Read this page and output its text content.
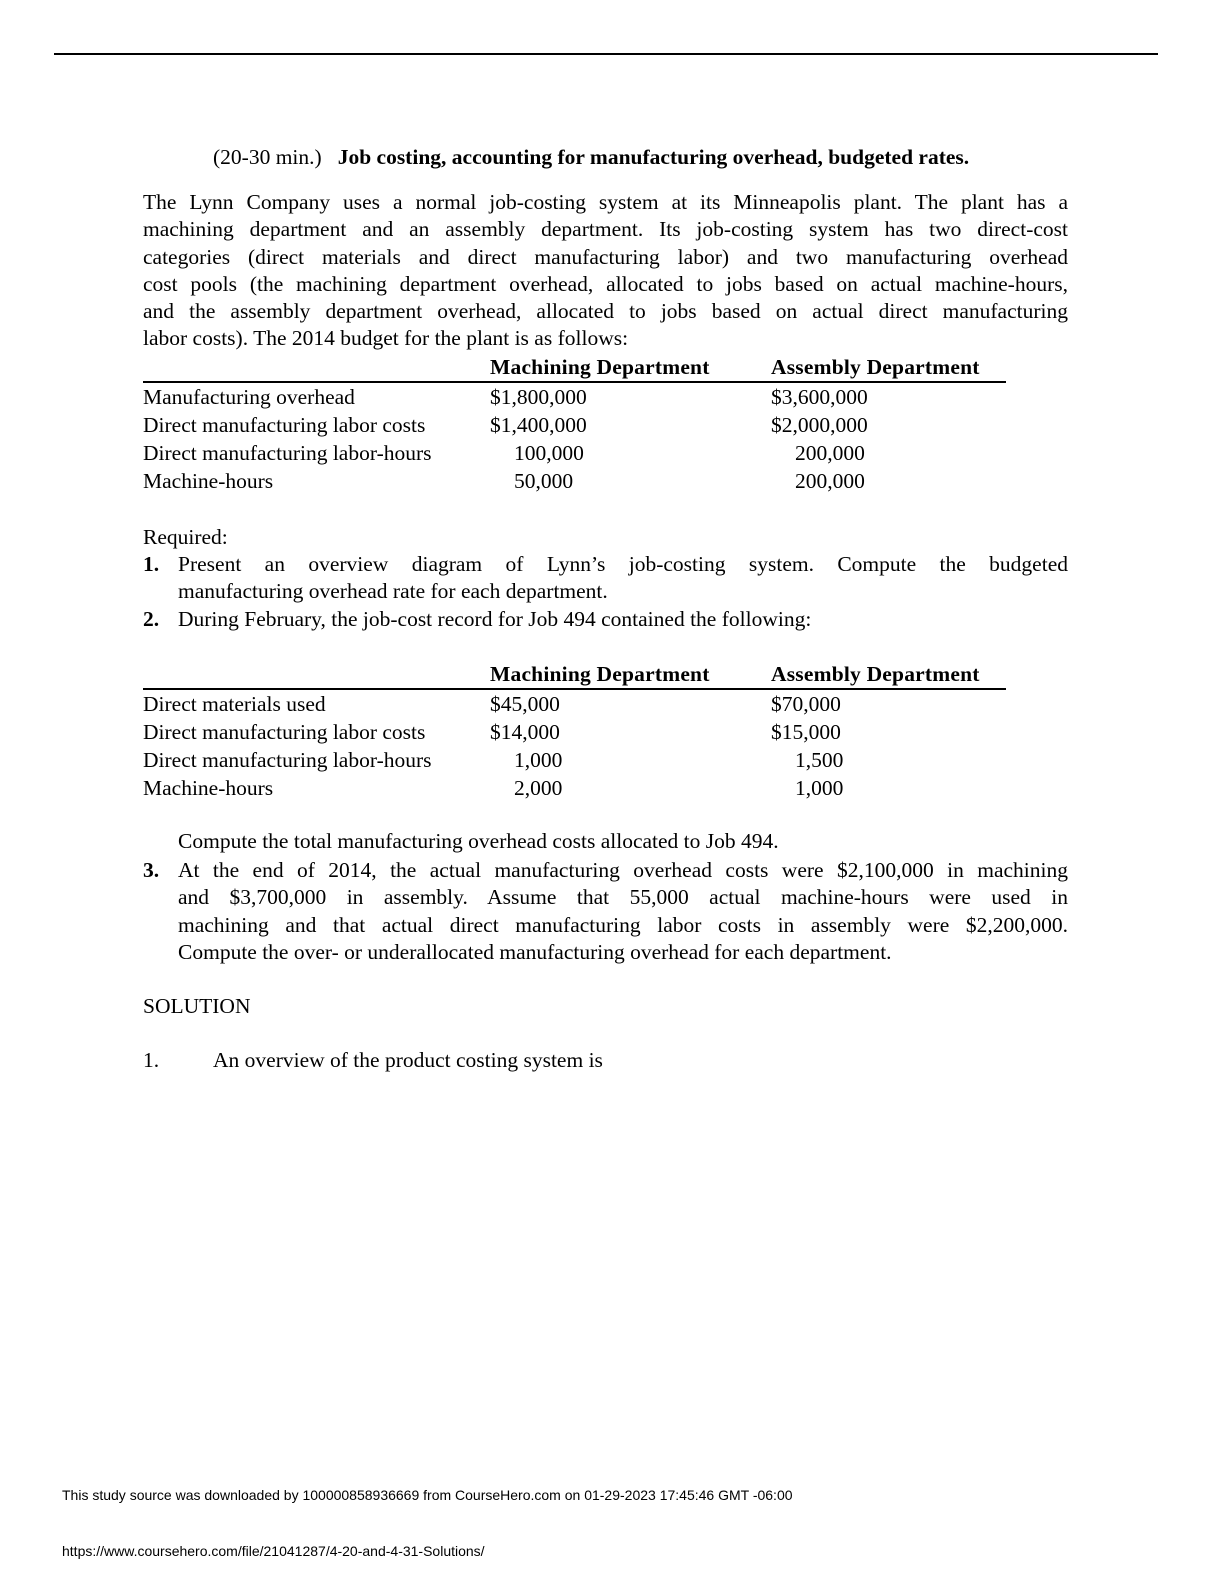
(20-30 min.) Job costing, accounting for manufacturing overhead, budgeted rates.
The Lynn Company uses a normal job-costing system at its Minneapolis plant. The plant has a
machining department and an assembly department. Its job-costing system has two direct-cost
categories (direct materials and direct manufacturing labor) and two manufacturing overhead
cost pools (the machining department overhead, allocated to jobs based on actual machine-hours,
and the assembly department overhead, allocated to jobs based on actual direct manufacturing
labor costs). The 2014 budget for the plant is as follows:
	Machining Department	Assembly Department
Manufacturing overhead	$1,800,000	$3,600,000
Direct manufacturing labor costs	$1,400,000	$2,000,000
Direct manufacturing labor-hours	100,000	200,000
Machine-hours	50,000	200,000
Required:
1. Present an overview diagram of Lynn’s job-costing system. Compute the budgeted
manufacturing overhead rate for each department.
2. During February, the job-cost record for Job 494 contained the following:
	Machining Department	Assembly Department
Direct materials used	$45,000	$70,000
Direct manufacturing labor costs	$14,000	$15,000
Direct manufacturing labor-hours	1,000	1,500
Machine-hours	2,000	1,000
Compute the total manufacturing overhead costs allocated to Job 494.
3. At the end of 2014, the actual manufacturing overhead costs were $2,100,000 in machining
and $3,700,000 in assembly. Assume that 55,000 actual machine-hours were used in
machining and that actual direct manufacturing labor costs in assembly were $2,200,000.
Compute the over- or underallocated manufacturing overhead for each department.
SOLUTION
1.	An overview of the product costing system is
This study source was downloaded by 100000858936669 from CourseHero.com on 01-29-2023 17:45:46 GMT -06:00
https://www.coursehero.com/file/21041287/4-20-and-4-31-Solutions/
